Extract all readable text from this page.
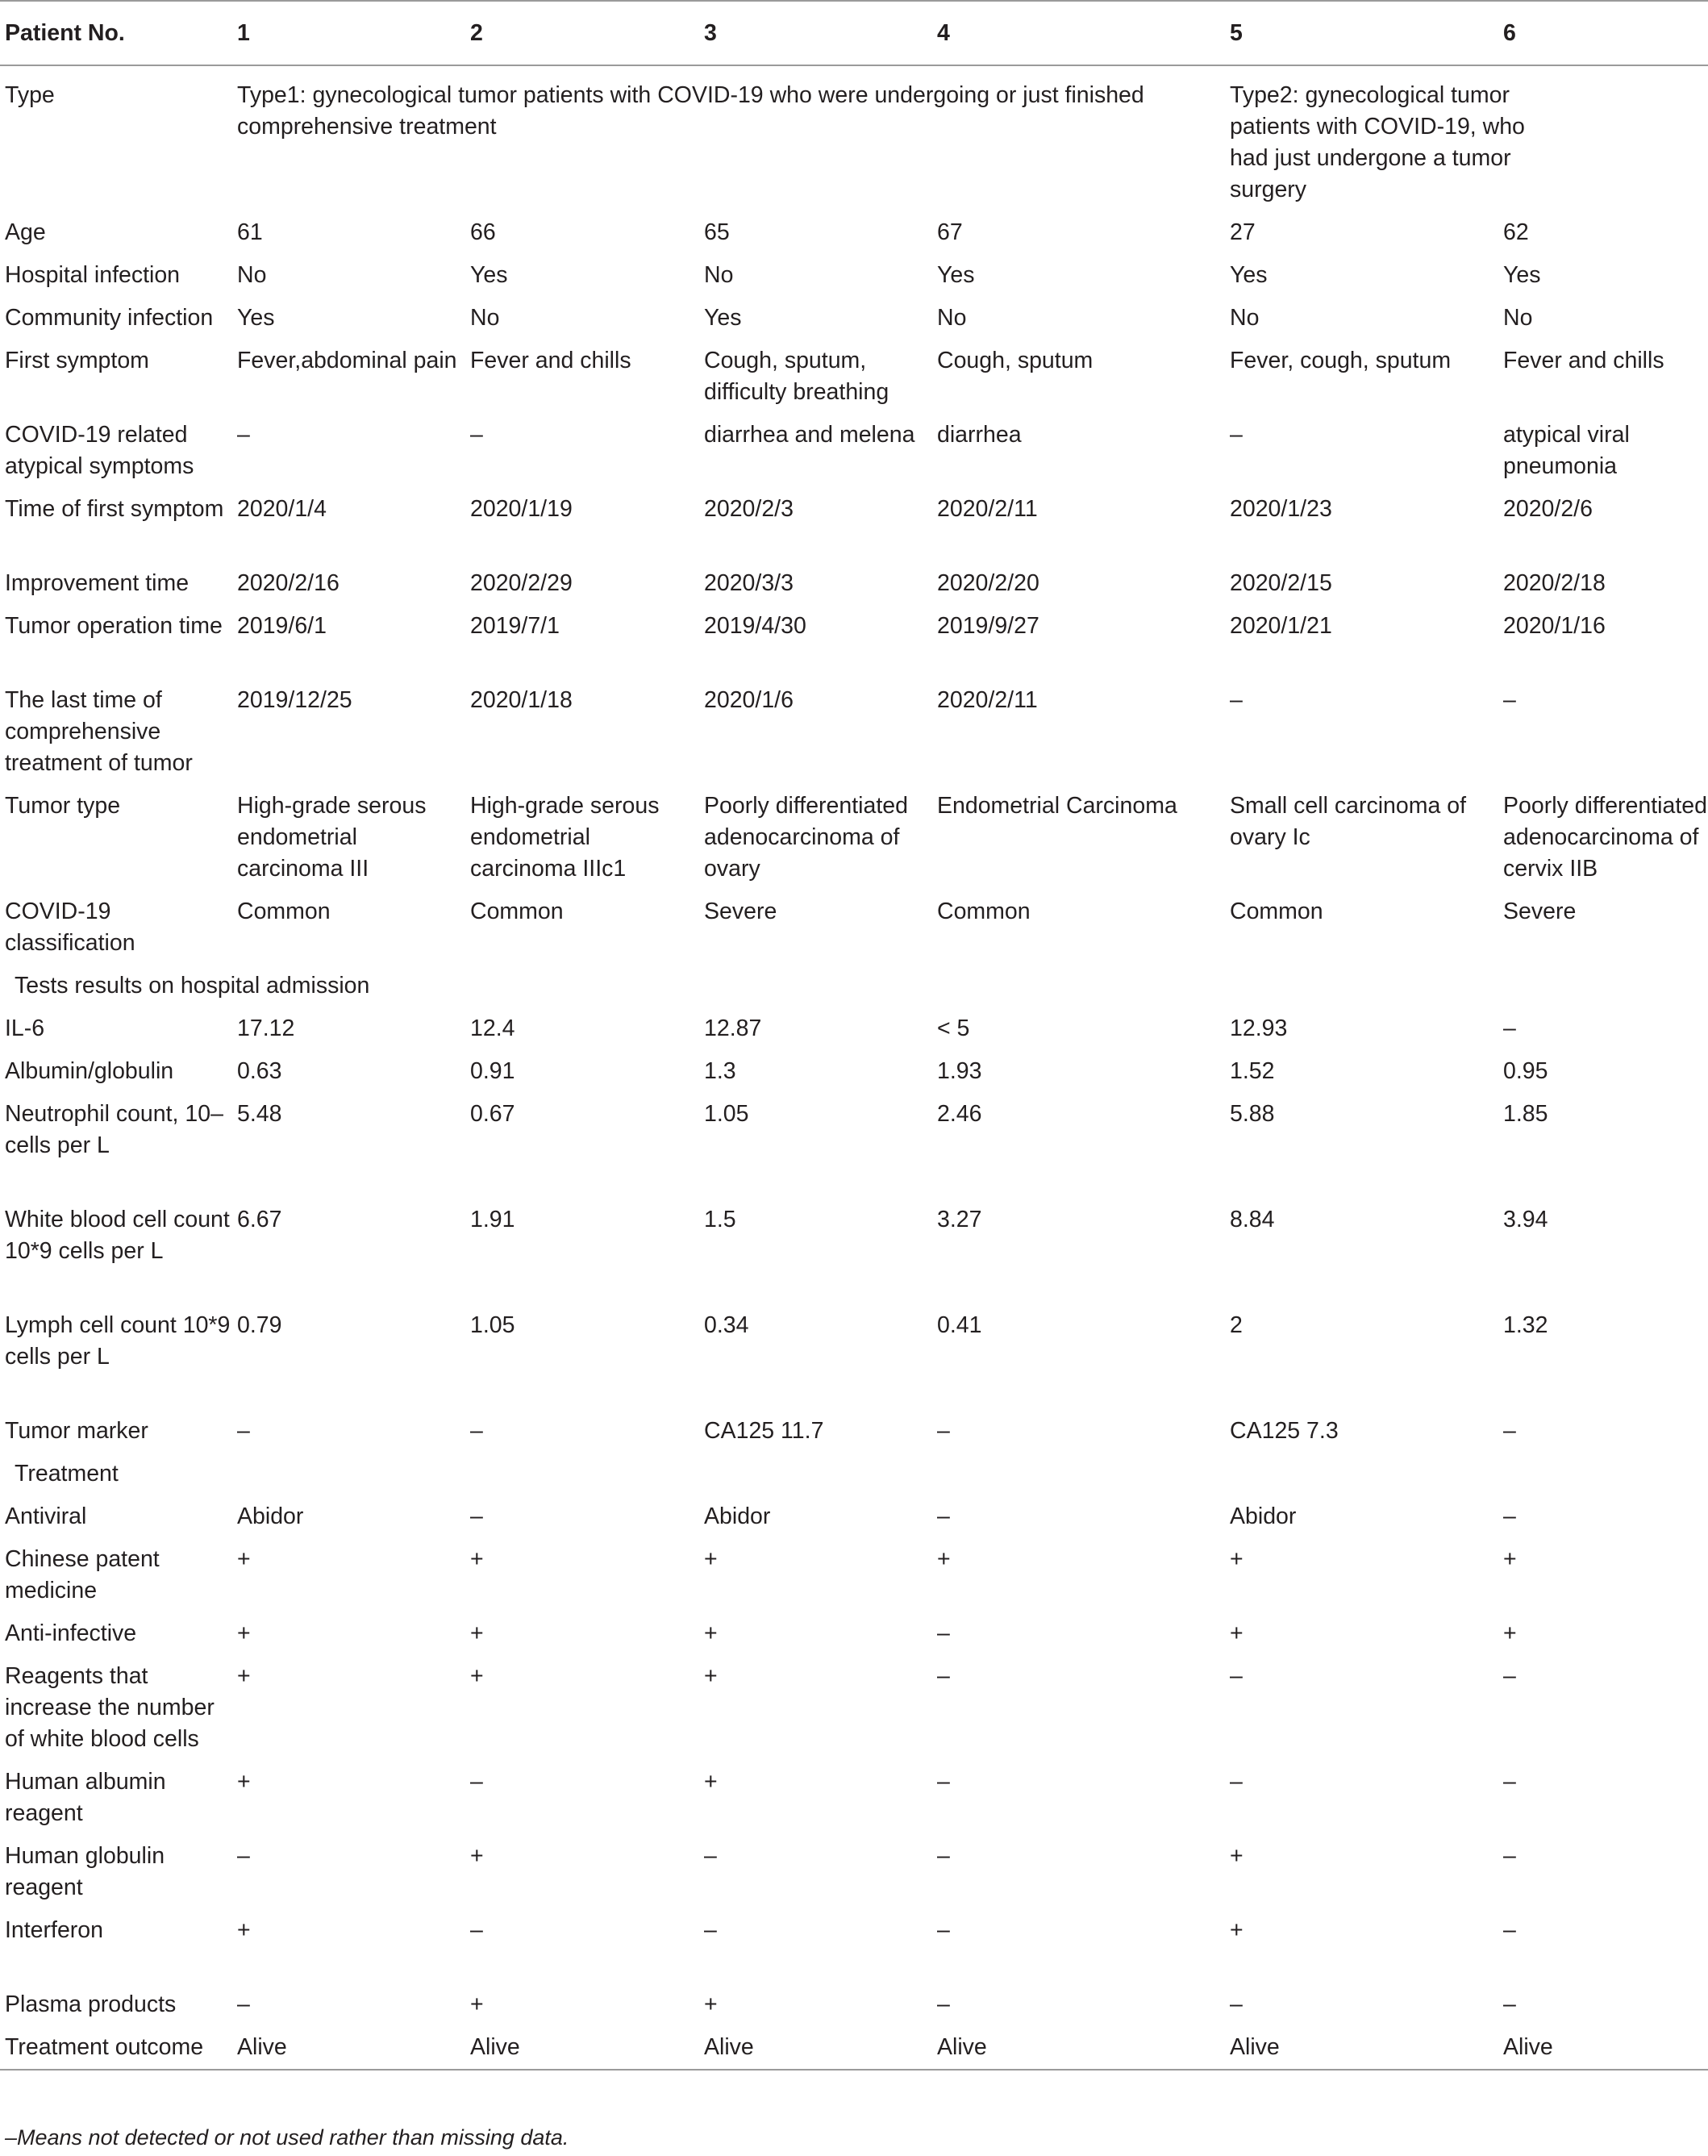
Patient No.	1	2	3	4	5	6
Type	Type1: gynecological tumor patients with COVID-19 who were undergoing or just finished comprehensive treatment				Type2: gynecological tumor patients with COVID-19, who had just undergone a tumor surgery	
Age	61	66	65	67	27	62
Hospital infection	No	Yes	No	Yes	Yes	Yes
Community infection	Yes	No	Yes	No	No	No
First symptom	Fever,abdominal pain	Fever and chills	Cough, sputum, difficulty breathing	Cough, sputum	Fever, cough, sputum	Fever and chills
COVID-19 related atypical symptoms	–	–	diarrhea and melena	diarrhea	–	atypical viral pneumonia
Time of first symptom	2020/1/4	2020/1/19	2020/2/3	2020/2/11	2020/1/23	2020/2/6
Improvement time	2020/2/16	2020/2/29	2020/3/3	2020/2/20	2020/2/15	2020/2/18
Tumor operation time	2019/6/1	2019/7/1	2019/4/30	2019/9/27	2020/1/21	2020/1/16
The last time of comprehensive treatment of tumor	2019/12/25	2020/1/18	2020/1/6	2020/2/11	–	–
Tumor type	High-grade serous endometrial carcinoma III	High-grade serous endometrial carcinoma IIIc1	Poorly differentiated adenocarcinoma of ovary	Endometrial Carcinoma	Small cell carcinoma of ovary Ic	Poorly differentiated adenocarcinoma of cervix IIB
COVID-19 classification	Common	Common	Severe	Common	Common	Severe
Tests results on hospital admission						
IL-6	17.12	12.4	12.87	< 5	12.93	–
Albumin/globulin	0.63	0.91	1.3	1.93	1.52	0.95
Neutrophil count, 10– cells per L	5.48	0.67	1.05	2.46	5.88	1.85
White blood cell count 10*9 cells per L	6.67	1.91	1.5	3.27	8.84	3.94
Lymph cell count 10*9 cells per L	0.79	1.05	0.34	0.41	2	1.32
Tumor marker	–	–	CA125 11.7	–	CA125 7.3	–
Treatment						
Antiviral	Abidor	–	Abidor	–	Abidor	–
Chinese patent medicine	+	+	+	+	+	+
Anti-infective	+	+	+	–	+	+
Reagents that increase the number of white blood cells	+	+	+	–	–	–
Human albumin reagent	+	–	+	–	–	–
Human globulin reagent	–	+	–	–	+	–
Interferon	+	–	–	–	+	–
Plasma products	–	+	+	–	–	–
Treatment outcome	Alive	Alive	Alive	Alive	Alive	Alive
–Means not detected or not used rather than missing data.
